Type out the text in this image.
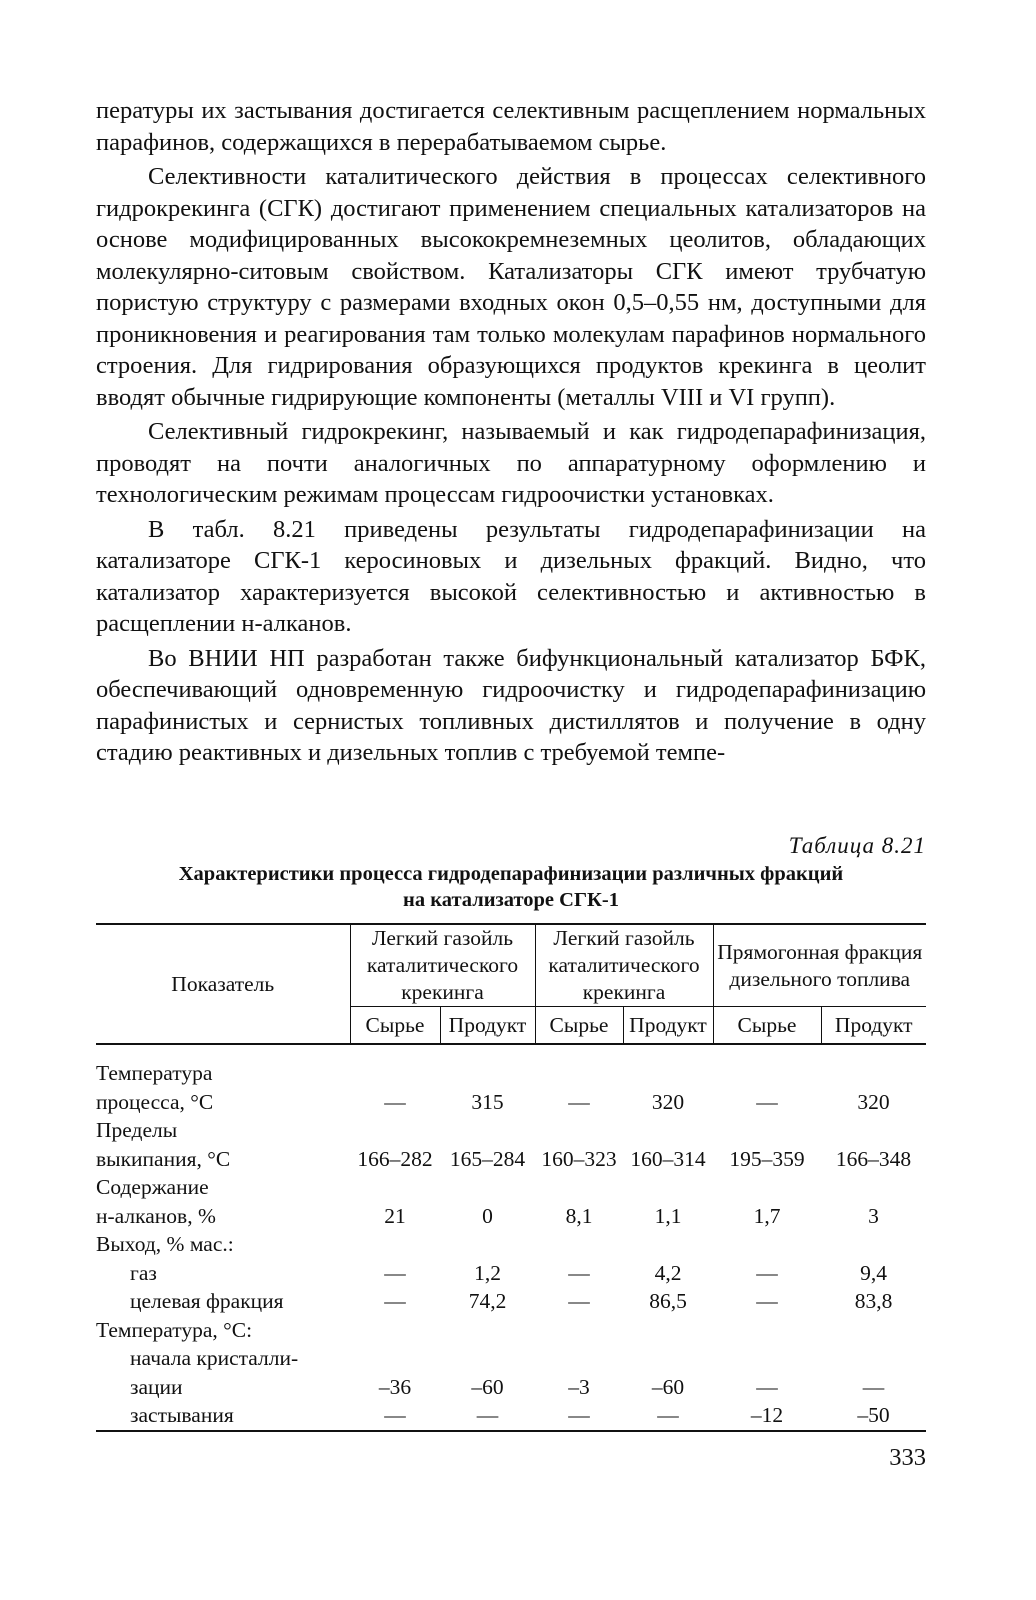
пературы их застывания достигается селективным расщеплением нормальных парафинов, содержащихся в перерабатываемом сырье.

Селективности каталитического действия в процессах селективного гидрокрекинга (СГК) достигают применением специальных катализаторов на основе модифицированных высококремнеземных цеолитов, обладающих молекулярно-ситовым свойством. Катализаторы СГК имеют трубчатую пористую структуру с размерами входных окон 0,5–0,55 нм, доступными для проникновения и реагирования там только молекулам парафинов нормального строения. Для гидрирования образующихся продуктов крекинга в цеолит вводят обычные гидрирующие компоненты (металлы VIII и VI групп).

Селективный гидрокрекинг, называемый и как гидродепарафинизация, проводят на почти аналогичных по аппаратурному оформлению и технологическим режимам процессам гидроочистки установках.

В табл. 8.21 приведены результаты гидродепарафинизации на катализаторе СГК-1 керосиновых и дизельных фракций. Видно, что катализатор характеризуется высокой селективностью и активностью в расщеплении н-алканов.

Во ВНИИ НП разработан также бифункциональный катализатор БФК, обеспечивающий одновременную гидроочистку и гидродепарафинизацию парафинистых и сернистых топливных дистиллятов и получение в одну стадию реактивных и дизельных топлив с требуемой темпе-

Таблица 8.21
Характеристики процесса гидродепарафинизации различных фракций
на катализаторе СГК-1
Показатель	Легкий газойль каталитического крекинга		Легкий газойль каталитического крекинга		Прямогонная фракция дизельного топлива	
	Сырье	Продукт	Сырье	Продукт	Сырье	Продукт
Температура						
процесса, °С	—	315	—	320	—	320
Пределы						
выкипания, °С	166–282	165–284	160–323	160–314	195–359	166–348
Содержание						
н-алканов, %	21	0	8,1	1,1	1,7	3
Выход, % мас.:						
газ	—	1,2	—	4,2	—	9,4
целевая фракция	—	74,2	—	86,5	—	83,8
Температура, °С:						
начала кристалли-						
зации	–36	–60	–3	–60	—	—
застывания	—	—	—	—	–12	–50
333
